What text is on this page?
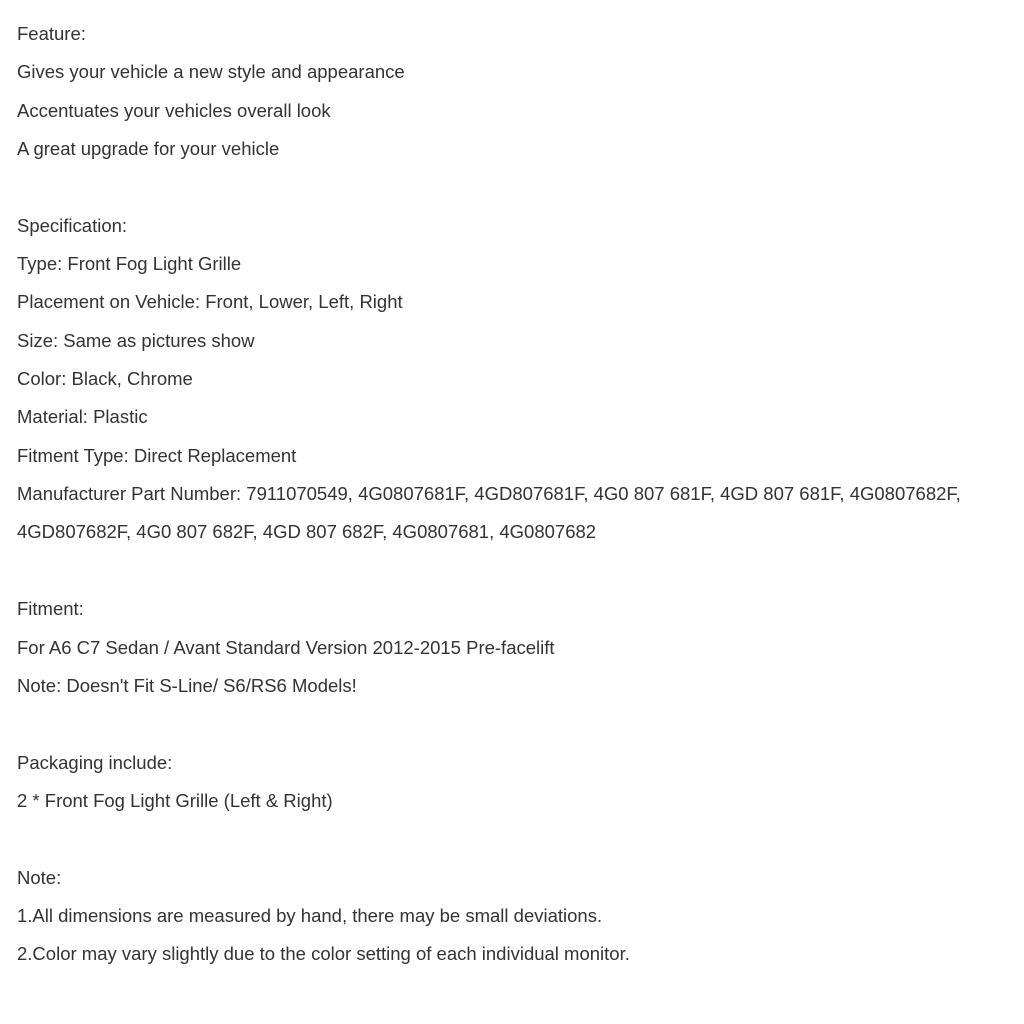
Feature:
Gives your vehicle a new style and appearance
Accentuates your vehicles overall look
A great upgrade for your vehicle
Specification:
Type: Front Fog Light Grille
Placement on Vehicle: Front, Lower, Left, Right
Size: Same as pictures show
Color: Black, Chrome
Material: Plastic
Fitment Type: Direct Replacement
Manufacturer Part Number: 7911070549, 4G0807681F, 4GD807681F, 4G0 807 681F, 4GD 807 681F, 4G0807682F,
4GD807682F, 4G0 807 682F, 4GD 807 682F, 4G0807681, 4G0807682
Fitment:
For A6 C7 Sedan / Avant Standard Version 2012-2015 Pre-facelift
Note: Doesn't Fit S-Line/ S6/RS6 Models!
Packaging include:
2 * Front Fog Light Grille (Left & Right)
Note:
1.All dimensions are measured by hand, there may be small deviations.
2.Color may vary slightly due to the color setting of each individual monitor.
